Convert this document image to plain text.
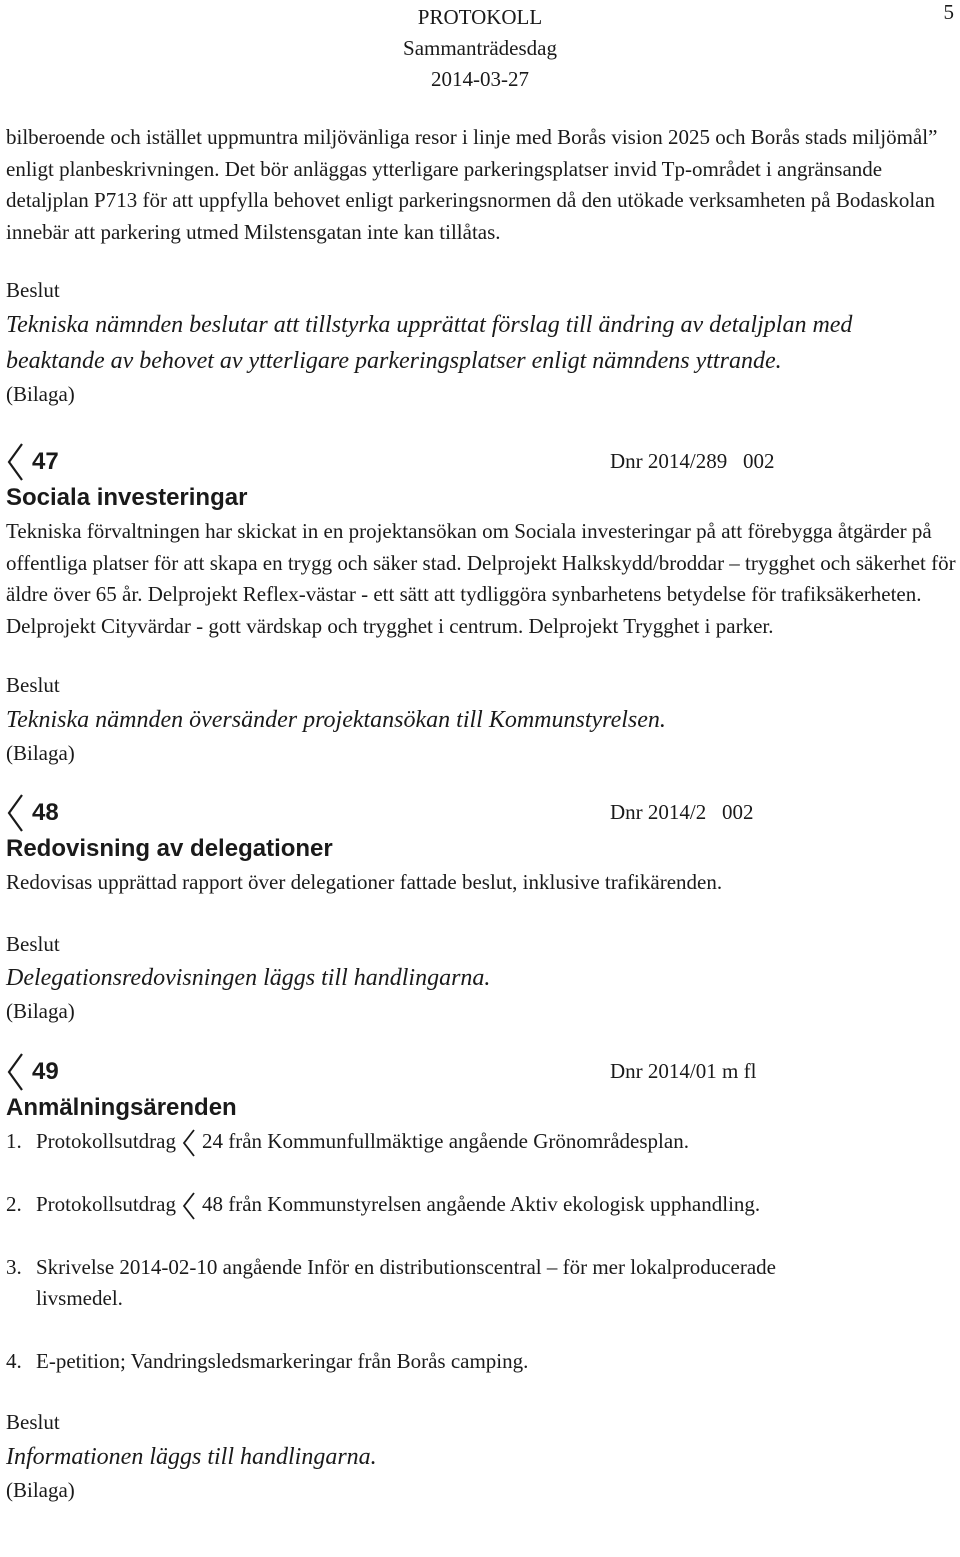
PROTOKOLL
Sammanträdesdag
2014-03-27
5

bilberoende och istället uppmuntra miljövänliga resor i linje med Borås vision 2025 och Borås stads miljömål” enligt planbeskrivningen. Det bör anläggas ytterligare parkeringsplatser invid Tp-området i angränsande detaljplan P713 för att uppfylla behovet enligt parkeringsnormen då den utökade verksamheten på Bodaskolan innebär att parkering utmed Milstensgatan inte kan tillåtas.

Beslut

Tekniska nämnden beslutar att tillstyrka upprättat förslag till ändring av detaljplan med beaktande av behovet av ytterligare parkeringsplatser enligt nämndens yttrande.

(Bilaga)

47	Dnr 2014/289   002

Sociala investeringar

Tekniska förvaltningen har skickat in en projektansökan om Sociala investeringar på att förebygga åtgärder på offentliga platser för att skapa en trygg och säker stad. Delprojekt Halkskydd/broddar – trygghet och säkerhet för äldre över 65 år. Delprojekt Reflex-västar - ett sätt att tydliggöra synbarhetens betydelse för trafiksäkerheten. Delprojekt Cityvärdar - gott värdskap och trygghet i centrum. Delprojekt Trygghet i parker.

Beslut

Tekniska nämnden översänder projektansökan till Kommunstyrelsen.

(Bilaga)

48	Dnr 2014/2   002

Redovisning av delegationer

Redovisas upprättad rapport över delegationer fattade beslut, inklusive trafikärenden.

Beslut

Delegationsredovisningen läggs till handlingarna.

(Bilaga)

49	Dnr 2014/01 m fl

Anmälningsärenden

1. Protokollsutdrag 24 från Kommunfullmäktige angående Grönområdesplan.
2. Protokollsutdrag 48 från Kommunstyrelsen angående Aktiv ekologisk upphandling.
3. Skrivelse 2014-02-10 angående Inför en distributionscentral – för mer lokalproducerade livsmedel.
4. E-petition; Vandringsledsmarkeringar från Borås camping.

Beslut

Informationen läggs till handlingarna.

(Bilaga)
